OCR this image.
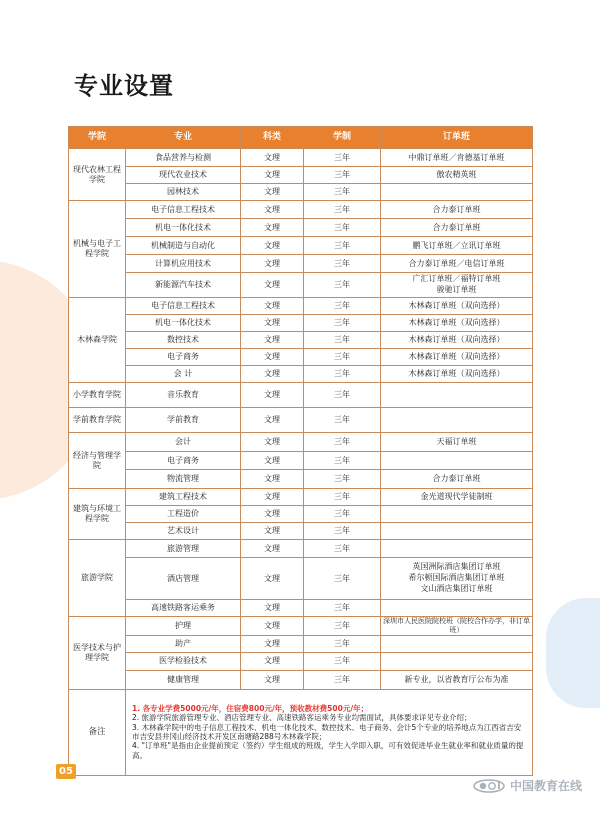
专业设置
学院	专业	科类	学制	订单班
现代农林工程学院	食品营养与检测	文理	三年	中鼎订单班／肯德基订单班
	现代农业技术	文理	三年	傲农精英班
	园林技术	文理	三年	
机械与电子工程学院	电子信息工程技术	文理	三年	合力泰订单班
	机电一体化技术	文理	三年	合力泰订单班
	机械制造与自动化	文理	三年	鹏飞订单班／立讯订单班
	计算机应用技术	文理	三年	合力泰订单班／电信订单班
	新能源汽车技术	文理	三年	广汇订单班／福特订单班
骏驰订单班

木林森学院	电子信息工程技术	文理	三年	木林森订单班（双向选择）
	机电一体化技术	文理	三年	木林森订单班（双向选择）
	数控技术	文理	三年	木林森订单班（双向选择）
	电子商务	文理	三年	木林森订单班（双向选择）
	会 计	文理	三年	木林森订单班（双向选择）
小学教育学院	音乐教育	文理	三年	
学前教育学院	学前教育	文理	三年	
经济与管理学院	会计	文理	三年	天福订单班
	电子商务	文理	三年	
	物流管理	文理	三年	合力泰订单班
建筑与环境工程学院	建筑工程技术	文理	三年	金光道现代学徒制班
	工程造价	文理	三年	
	艺术设计	文理	三年	
旅游学院	旅游管理	文理	三年	
	酒店管理	文理	三年	英国洲际酒店集团订单班
希尔顿国际酒店集团订单班
文山酒店集团订单班

	高速铁路客运乘务	文理	三年	
医学技术与护理学院	护理	文理	三年	深圳市人民医院院校班（院校合作办学，非订单班）
	助产	文理	三年	
	医学检验技术	文理	三年	
	健康管理	文理	三年	新专业，以省教育厅公布为准
备注	1. 各专业学费5000元/年，住宿费800元/年，预收教材费500元/年；
2. 旅游学院旅游管理专业、酒店管理专业、高速铁路客运乘务专业均需面试，具体要求详见专业介绍；
3. 木林森学院中的电子信息工程技术、机电一体化技术、数控技术、电子商务、会计5个专业的培养地点为江西省吉安市吉安县井冈山经济技术开发区南塘路288号木林森学院；
4. "订单班"是指由企业提前预定（签约）学生组成的班级，学生入学即入职，可有效促进毕业生就业率和就业质量的提高。			
05
中国教育在线
